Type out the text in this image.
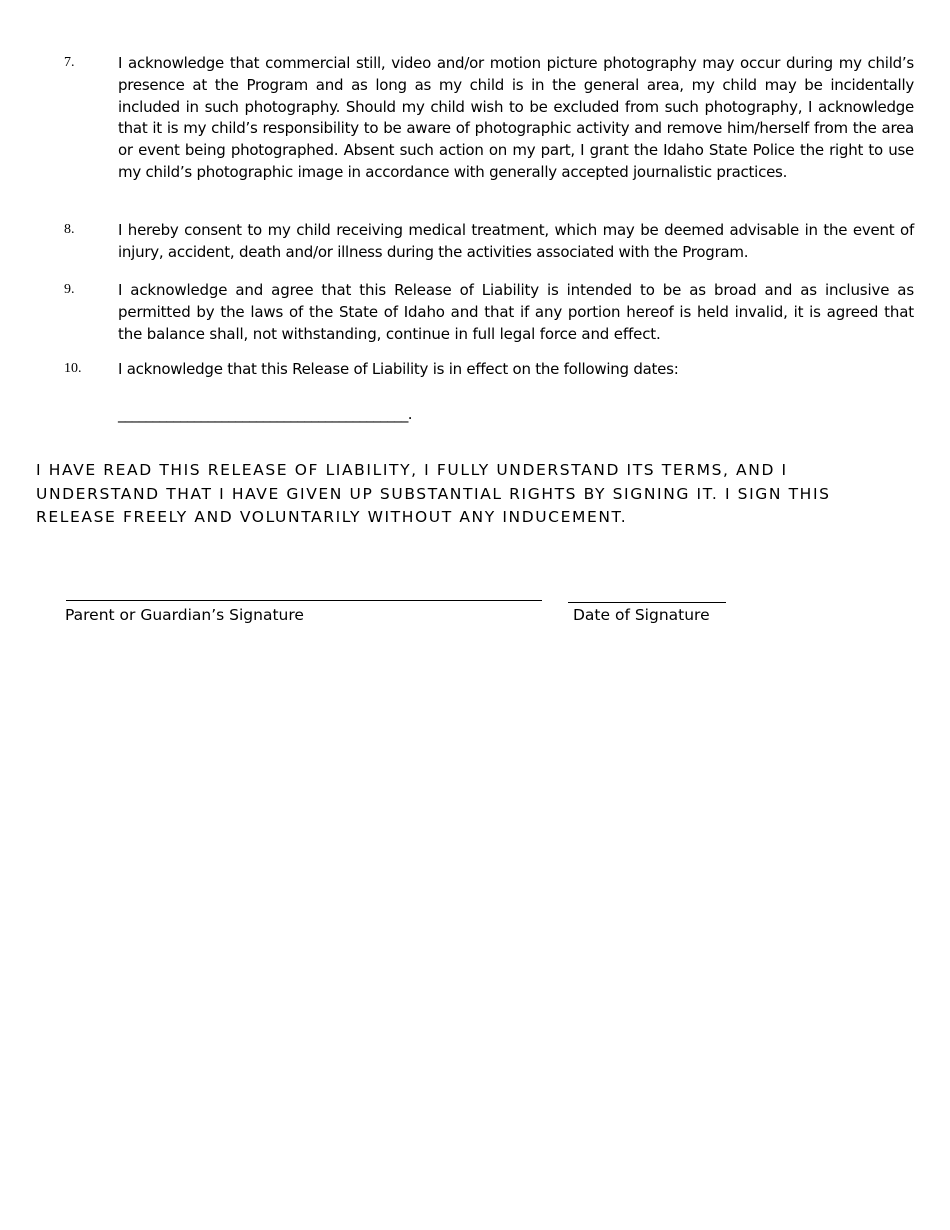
7.	I acknowledge that commercial still, video and/or motion picture photography may occur during my child’s presence at the Program and as long as my child is in the general area, my child may be incidentally included in such photography. Should my child wish to be excluded from such photography, I acknowledge that it is my child’s responsibility to be aware of photographic activity and remove him/herself from the area or event being photographed. Absent such action on my part, I grant the Idaho State Police the right to use my child’s photographic image in accordance with generally accepted journalistic practices.
8.	I hereby consent to my child receiving medical treatment, which may be deemed advisable in the event of injury, accident, death and/or illness during the activities associated with the Program.
9.	I acknowledge and agree that this Release of Liability is intended to be as broad and as inclusive as permitted by the laws of the State of Idaho and that if any portion hereof is held invalid, it is agreed that the balance shall, not withstanding, continue in full legal force and effect.
10. I acknowledge that this Release of Liability is in effect on the following dates:
__________________________________________.
I HAVE READ THIS RELEASE OF LIABILITY, I FULLY UNDERSTAND ITS TERMS, AND I UNDERSTAND THAT I HAVE GIVEN UP SUBSTANTIAL RIGHTS BY SIGNING IT. I SIGN THIS RELEASE FREELY AND VOLUNTARILY WITHOUT ANY INDUCEMENT.
Parent or Guardian’s Signature	Date of Signature
